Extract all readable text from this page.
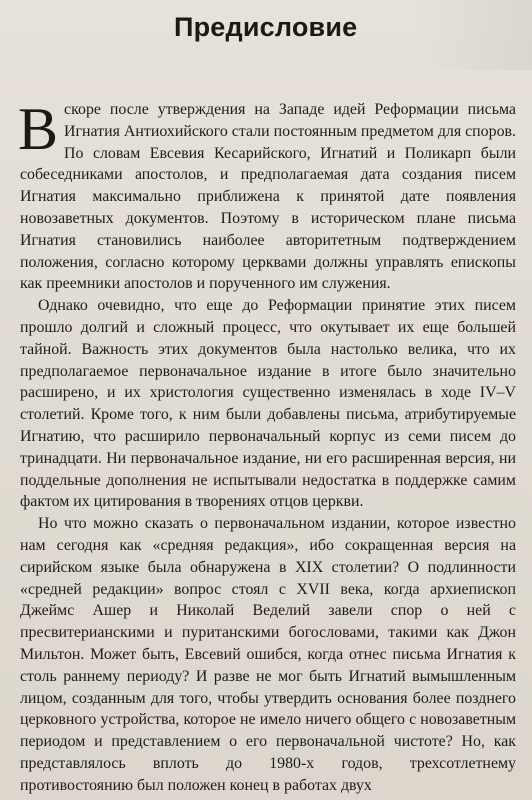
Предисловие

Вскоре после утверждения на Западе идей Реформации письма Игнатия Антиохийского стали постоянным предметом для споров. По словам Евсевия Кесарийского, Игнатий и Поликарп были собеседниками апостолов, и предполагаемая дата создания писем Игнатия максимально приближена к принятой дате появления новозаветных документов. Поэтому в историческом плане письма Игнатия становились наиболее авторитетным подтверждением положения, согласно которому церквами должны управлять епископы как преемники апостолов и порученного им служения.

Однако очевидно, что еще до Реформации принятие этих писем прошло долгий и сложный процесс, что окутывает их еще большей тайной. Важность этих документов была настолько велика, что их предполагаемое первоначальное издание в итоге было значительно расширено, и их христология существенно изменялась в ходе IV–V столетий. Кроме того, к ним были добавлены письма, атрибутируемые Игнатию, что расширило первоначальный корпус из семи писем до тринадцати. Ни первоначальное издание, ни его расширенная версия, ни поддельные дополнения не испытывали недостатка в поддержке самим фактом их цитирования в творениях отцов церкви.

Но что можно сказать о первоначальном издании, которое известно нам сегодня как «средняя редакция», ибо сокращенная версия на сирийском языке была обнаружена в XIX столетии? О подлинности «средней редакции» вопрос стоял с XVII века, когда архиепископ Джеймс Ашер и Николай Веделий завели спор о ней с пресвитерианскими и пуританскими богословами, такими как Джон Мильтон. Может быть, Евсевий ошибся, когда отнес письма Игнатия к столь раннему периоду? И разве не мог быть Игнатий вымышленным лицом, созданным для того, чтобы утвердить основания более позднего церковного устройства, которое не имело ничего общего с новозаветным периодом и представлением о его первоначальной чистоте? Но, как представлялось вплоть до 1980-х годов, трехсотлетнему противостоянию был положен конец в работах двух
